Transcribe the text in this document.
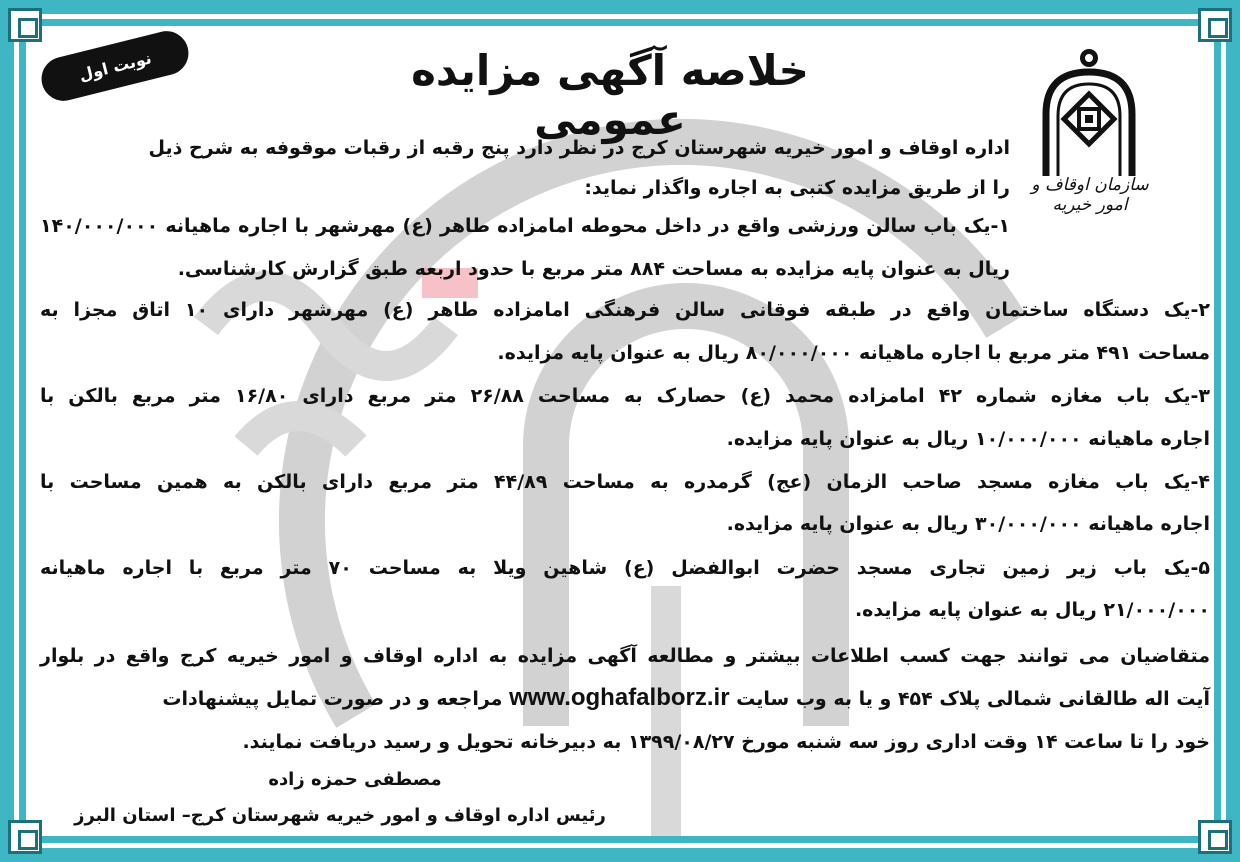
نوبت اول	خلاصه آگهی مزایده عمومی
سازمان اوقاف و امور خیریه
اداره اوقاف و امور خیریه شهرستان کرج در نظر دارد پنج رقبه از رقبات موقوفه به شرح ذیل
را از طریق مزایده کتبی به اجاره واگذار نماید:
۱-یک باب سالن ورزشی واقع در داخل محوطه امامزاده طاهر (ع) مهرشهر با اجاره ماهیانه ۱۴۰/۰۰۰/۰۰۰
ریال به عنوان پایه مزایده به مساحت ۸۸۴ متر مربع با حدود اربعه طبق گزارش کارشناسی.
۲-یک دستگاه ساختمان واقع در طبقه فوقانی سالن فرهنگی امامزاده طاهر (ع) مهرشهر دارای ۱۰ اتاق مجزا به
مساحت ۴۹۱ متر مربع با اجاره ماهیانه ۸۰/۰۰۰/۰۰۰ ریال به عنوان پایه مزایده.
۳-یک باب مغازه شماره ۴۲ امامزاده محمد (ع) حصارک به مساحت ۲۶/۸۸ متر مربع دارای ۱۶/۸۰ متر مربع بالکن با
اجاره ماهیانه ۱۰/۰۰۰/۰۰۰ ریال به عنوان پایه مزایده.
۴-یک باب مغازه مسجد صاحب الزمان (عج) گرمدره به مساحت ۴۴/۸۹ متر مربع دارای بالکن به همین مساحت با
اجاره ماهیانه ۳۰/۰۰۰/۰۰۰ ریال به عنوان پایه مزایده.
۵-یک باب زیر زمین تجاری مسجد حضرت ابوالفضل (ع) شاهین ویلا به مساحت ۷۰ متر مربع با اجاره ماهیانه
۲۱/۰۰۰/۰۰۰ ریال به عنوان پایه مزایده.
متقاضیان می توانند جهت کسب اطلاعات بیشتر و مطالعه آگهی مزایده به اداره اوقاف و امور خیریه کرج واقع در بلوار
آیت اله طالقانی شمالی پلاک ۴۵۴ و یا به وب سایت www.oghafalborz.ir مراجعه و در صورت تمایل پیشنهادات
خود را تا ساعت ۱۴ وقت اداری روز سه شنبه مورخ ۱۳۹۹/۰۸/۲۷ به دبیرخانه تحویل و رسید دریافت نمایند.
مصطفی حمزه زاده
رئیس اداره اوقاف و امور خیریه شهرستان کرج– استان البرز
